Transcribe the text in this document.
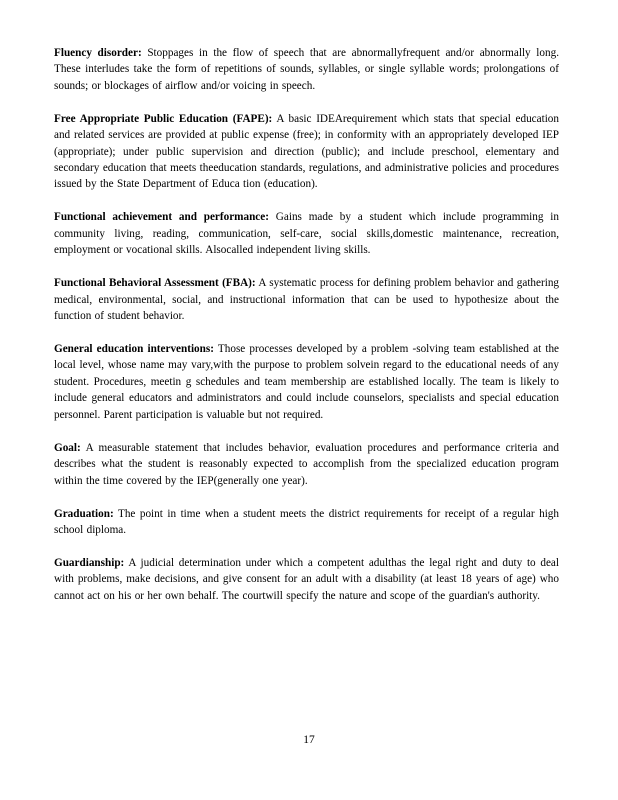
Fluency disorder: Stoppages in the flow of speech that are abnormallyfrequent and/or abnormally long. These interludes take the form of repetitions of sounds, syllables, or single syllable words; prolongations of sounds; or blockages of airflow and/or voicing in speech.

Free Appropriate Public Education (FAPE): A basic IDEArequirement which stats that special education and related services are provided at public expense (free); in conformity with an appropriately developed IEP (appropriate); under public supervision and direction (public); and include preschool, elementary and secondary education that meets theeducation standards, regulations, and administrative policies and procedures issued by the State Department of Educa tion (education).

Functional achievement and performance: Gains made by a student which include programming in community living, reading, communication, self-care, social skills,domestic maintenance, recreation, employment or vocational skills. Alsocalled independent living skills.

Functional Behavioral Assessment (FBA): A systematic process for defining problem behavior and gathering medical, environmental, social, and instructional information that can be used to hypothesize about the function of student behavior.

General education interventions: Those processes developed by a problem -solving team established at the local level, whose name may vary,with the purpose to problem solvein regard to the educational needs of any student. Procedures, meetin g schedules and team membership are established locally. The team is likely to include general educators and administrators and could include counselors, specialists and special education personnel. Parent participation is valuable but not required.

Goal: A measurable statement that includes behavior, evaluation procedures and performance criteria and describes what the student is reasonably expected to accomplish from the specialized education program within the time covered by the IEP(generally one year).

Graduation: The point in time when a student meets the district requirements for receipt of a regular high school diploma.

Guardianship: A judicial determination under which a competent adulthas the legal right and duty to deal with problems, make decisions, and give consent for an adult with a disability (at least 18 years of age) who cannot act on his or her own behalf. The courtwill specify the nature and scope of the guardian's authority.

17
